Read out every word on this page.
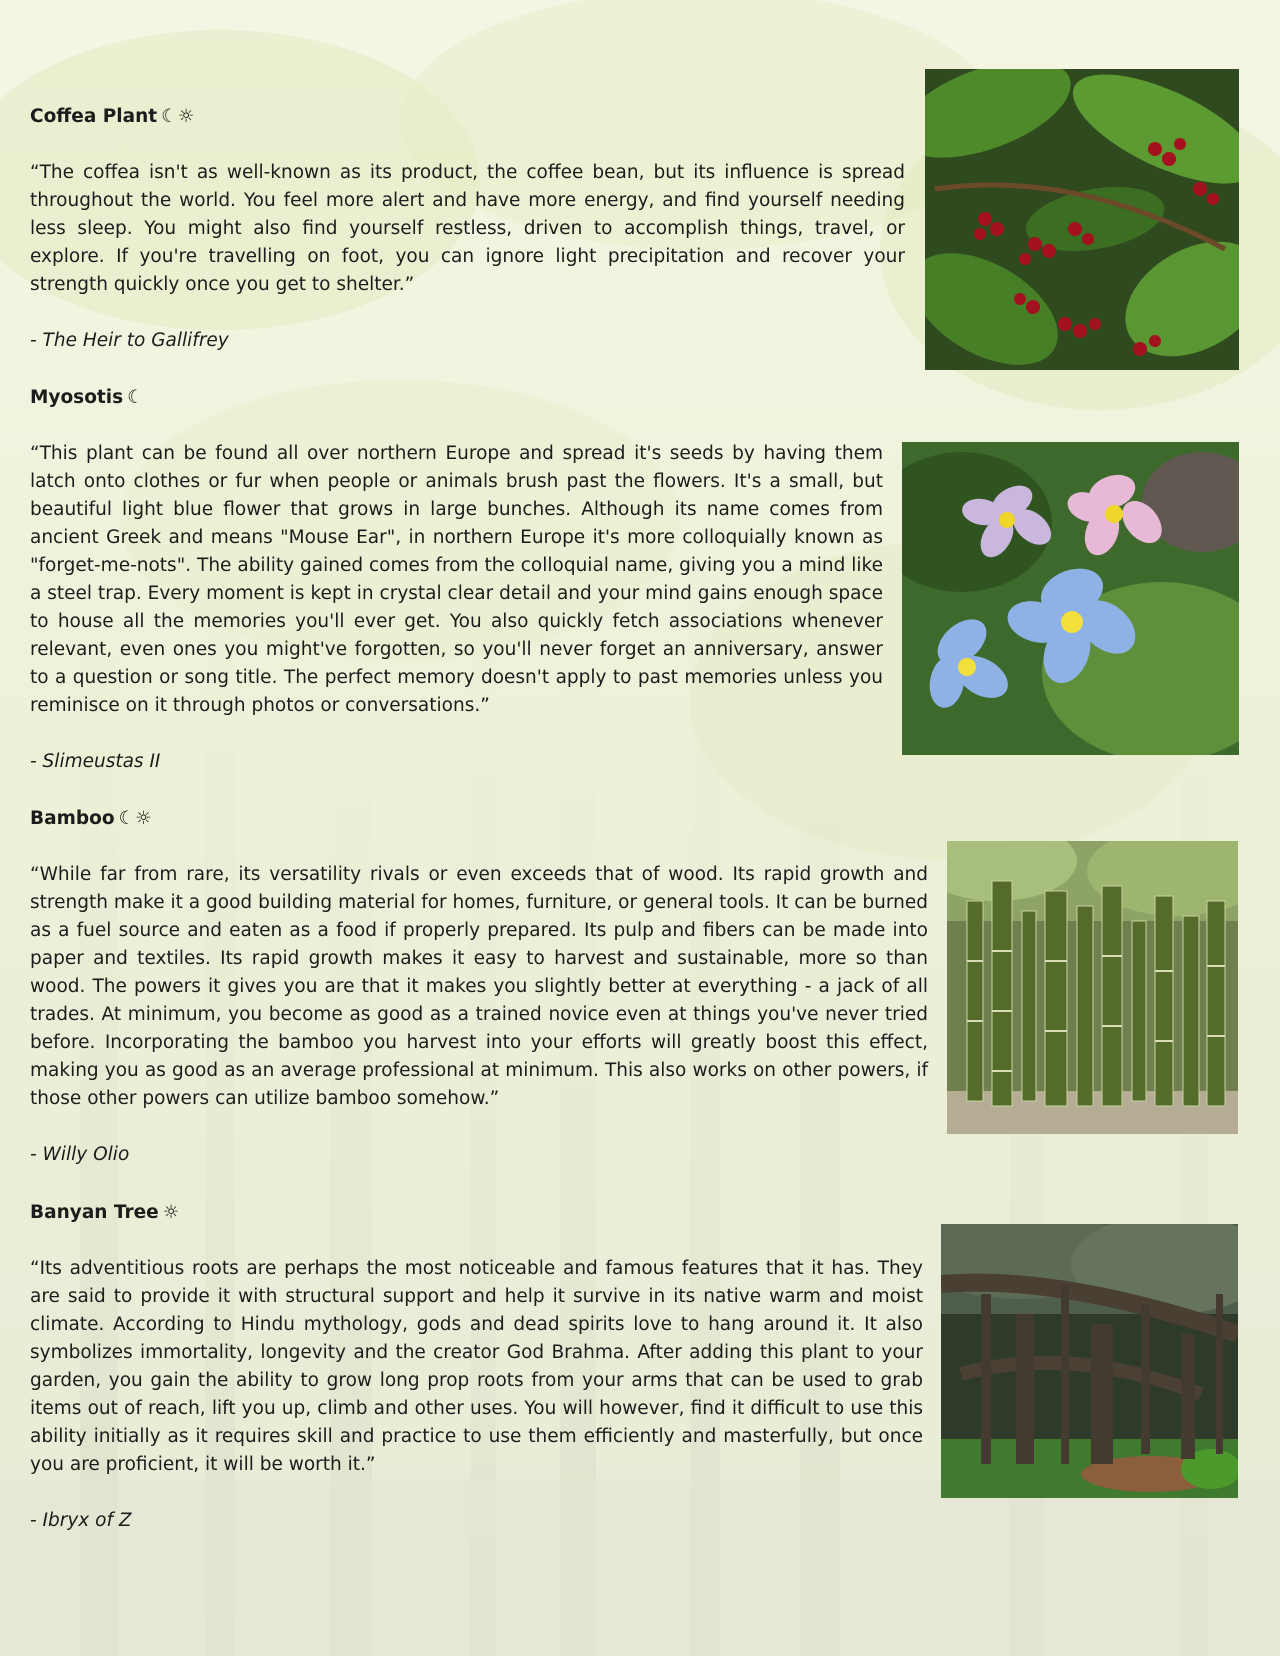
Coffea Plant ☾☼

“The coffea isn't as well-known as its product, the coffee bean, but its influence is spread throughout the world. You feel more alert and have more energy, and find yourself needing less sleep. You might also find yourself restless, driven to accomplish things, travel, or explore. If you're travelling on foot, you can ignore light precipitation and recover your strength quickly once you get to shelter.”

- The Heir to Gallifrey

Myosotis ☾

“This plant can be found all over northern Europe and spread it's seeds by having them latch onto clothes or fur when people or animals brush past the flowers. It's a small, but beautiful light blue flower that grows in large bunches. Although its name comes from ancient Greek and means "Mouse Ear", in northern Europe it's more colloquially known as "forget-me-nots". The ability gained comes from the colloquial name, giving you a mind like a steel trap. Every moment is kept in crystal clear detail and your mind gains enough space to house all the memories you'll ever get. You also quickly fetch associations whenever relevant, even ones you might've forgotten, so you'll never forget an anniversary, answer to a question or song title. The perfect memory doesn't apply to past memories unless you reminisce on it through photos or conversations.”

- Slimeustas II

Bamboo ☾☼

“While far from rare, its versatility rivals or even exceeds that of wood. Its rapid growth and strength make it a good building material for homes, furniture, or general tools. It can be burned as a fuel source and eaten as a food if properly prepared. Its pulp and fibers can be made into paper and textiles. Its rapid growth makes it easy to harvest and sustainable, more so than wood. The powers it gives you are that it makes you slightly better at everything - a jack of all trades. At minimum, you become as good as a trained novice even at things you've never tried before. Incorporating the bamboo you harvest into your efforts will greatly boost this effect, making you as good as an average professional at minimum. This also works on other powers, if those other powers can utilize bamboo somehow.”

- Willy Olio

Banyan Tree ☼

“Its adventitious roots are perhaps the most noticeable and famous features that it has. They are said to provide it with structural support and help it survive in its native warm and moist climate. According to Hindu mythology, gods and dead spirits love to hang around it. It also symbolizes immortality, longevity and the creator God Brahma. After adding this plant to your garden, you gain the ability to grow long prop roots from your arms that can be used to grab items out of reach, lift you up, climb and other uses. You will however, find it difficult to use this ability initially as it requires skill and practice to use them efficiently and masterfully, but once you are proficient, it will be worth it.”

- Ibryx of Z
